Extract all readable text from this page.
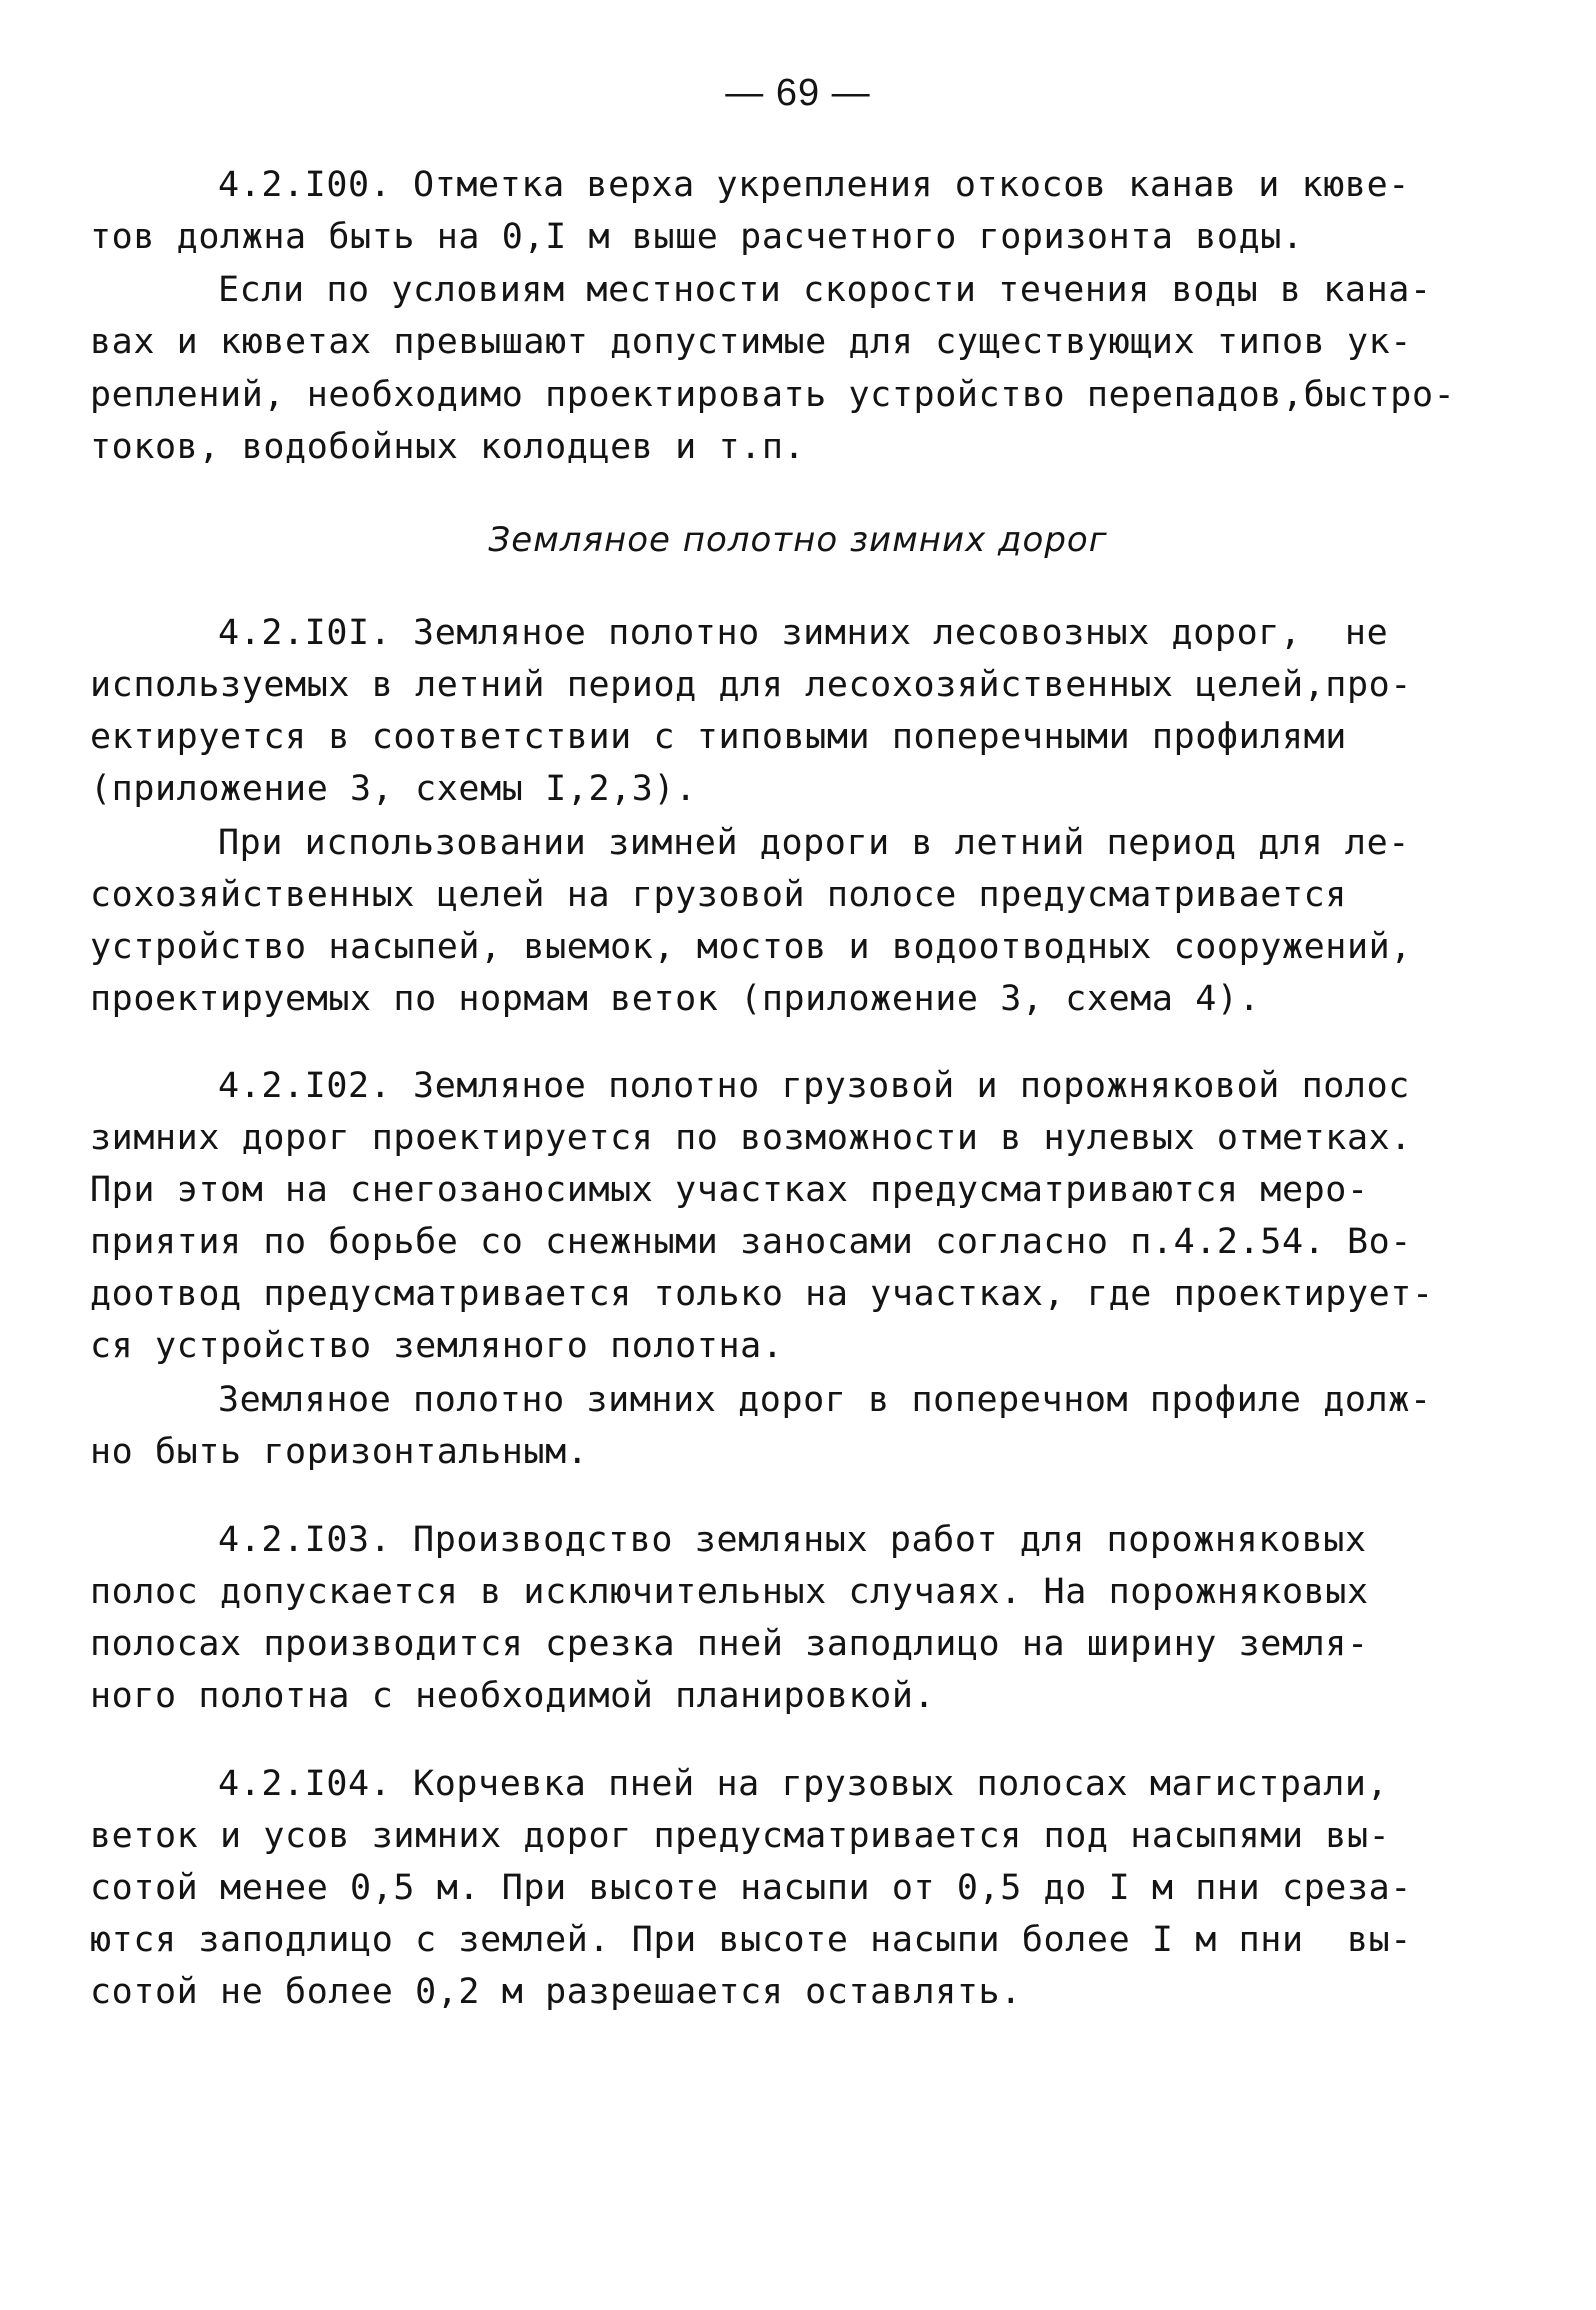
— 69 —
4.2.I00. Отметка верха укрепления откосов канав и кюве-
тов должна быть на 0,I м выше расчетного горизонта воды.
Если по условиям местности скорости течения воды в кана-
вах и кюветах превышают допустимые для существующих типов ук-
реплений, необходимо проектировать устройство перепадов,быстро-
токов, водобойных колодцев и т.п.
Земляное полотно зимних дорог
4.2.I0I. Земляное полотно зимних лесовозных дорог,  не
используемых в летний период для лесохозяйственных целей,про-
ектируется в соответствии с типовыми поперечными профилями
(приложение 3, схемы I,2,3).
При использовании зимней дороги в летний период для ле-
сохозяйственных целей на грузовой полосе предусматривается
устройство насыпей, выемок, мостов и водоотводных сооружений,
проектируемых по нормам веток (приложение 3, схема 4).
4.2.I02. Земляное полотно грузовой и порожняковой полос
зимних дорог проектируется по возможности в нулевых отметках.
При этом на снегозаносимых участках предусматриваются меро-
приятия по борьбе со снежными заносами согласно п.4.2.54. Во-
доотвод предусматривается только на участках, где проектирует-
ся устройство земляного полотна.
Земляное полотно зимних дорог в поперечном профиле долж-
но быть горизонтальным.
4.2.I03. Производство земляных работ для порожняковых
полос допускается в исключительных случаях. На порожняковых
полосах производится срезка пней заподлицо на ширину земля-
ного полотна с необходимой планировкой.
4.2.I04. Корчевка пней на грузовых полосах магистрали,
веток и усов зимних дорог предусматривается под насыпями вы-
сотой менее 0,5 м. При высоте насыпи от 0,5 до I м пни среза-
ются заподлицо с землей. При высоте насыпи более I м пни  вы-
сотой не более 0,2 м разрешается оставлять.
